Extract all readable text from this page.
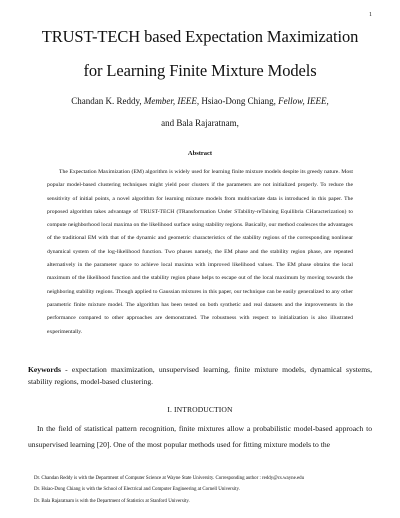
1
TRUST-TECH based Expectation Maximization
for Learning Finite Mixture Models
Chandan K. Reddy, Member, IEEE, Hsiao-Dong Chiang, Fellow, IEEE,
and Bala Rajaratnam,
Abstract

The Expectation Maximization (EM) algorithm is widely used for learning finite mixture models despite its greedy nature. Most popular model-based clustering techniques might yield poor clusters if the parameters are not initialized properly. To reduce the sensitivity of initial points, a novel algorithm for learning mixture models from multivariate data is introduced in this paper. The proposed algorithm takes advantage of TRUST-TECH (TRansformation Under STability-reTaining Equilibria CHaracterization) to compute neighborhood local maxima on the likelihood surface using stability regions. Basically, our method coalesces the advantages of the traditional EM with that of the dynamic and geometric characteristics of the stability regions of the corresponding nonlinear dynamical system of the log-likelihood function. Two phases namely, the EM phase and the stability region phase, are repeated alternatively in the parameter space to achieve local maxima with improved likelihood values. The EM phase obtains the local maximum of the likelihood function and the stability region phase helps to escape out of the local maximum by moving towards the neighboring stability regions. Though applied to Gaussian mixtures in this paper, our technique can be easily generalized to any other parametric finite mixture model. The algorithm has been tested on both synthetic and real datasets and the improvements in the performance compared to other approaches are demonstrated. The robustness with respect to initialization is also illustrated experimentally.

Keywords - expectation maximization, unsupervised learning, finite mixture models, dynamical systems, stability regions, model-based clustering.

I. INTRODUCTION

In the field of statistical pattern recognition, finite mixtures allow a probabilistic model-based approach to unsupervised learning [20]. One of the most popular methods used for fitting mixture models to the

Dr. Chandan Reddy is with the Department of Computer Science at Wayne State University. Corresponding author : reddy@cs.wayne.edu
Dr. Hsiao-Dong Chiang is with the School of Electrical and Computer Engineering at Cornell University.
Dr. Bala Rajaratnam is with the Department of Statistics at Stanford University.
